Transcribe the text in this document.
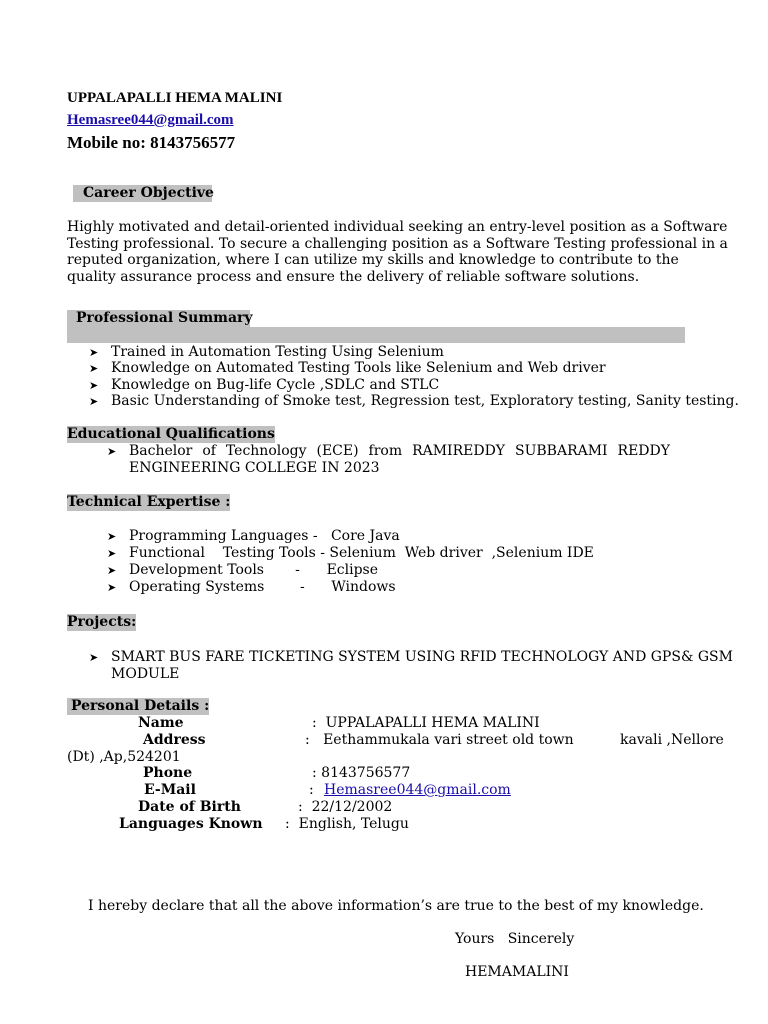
UPPALAPALLI HEMA MALINI
Hemasree044@gmail.com
Mobile no: 8143756577
Career Objective
Highly motivated and detail-oriented individual seeking an entry-level position as a Software Testing professional. To secure a challenging position as a Software Testing professional in a reputed organization, where I can utilize my skills and knowledge to contribute to the quality assurance process and ensure the delivery of reliable software solutions.
Professional Summary
➤ Trained in Automation Testing Using Selenium
➤ Knowledge on Automated Testing Tools like Selenium and Web driver
➤ Knowledge on Bug-life Cycle ,SDLC and STLC
➤ Basic Understanding of Smoke test, Regression test, Exploratory testing, Sanity testing.
Educational Qualifications
➤ Bachelor of Technology (ECE) from RAMIREDDY SUBBARAMI REDDY
ENGINEERING COLLEGE IN 2023
Technical Expertise :
➤ Programming Languages -   Core Java
➤ Functional    Testing Tools - Selenium  Web driver  ,Selenium IDE
➤ Development Tools       -      Eclipse
➤ Operating Systems        -      Windows
Projects:
➤ SMART BUS FARE TICKETING SYSTEM USING RFID TECHNOLOGY AND GPS& GSM
MODULE
Personal Details :
Name	:  UPPALAPALLI HEMA MALINI
Address	:   Eethammukala vari street old town	kavali ,Nellore
(Dt) ,Ap,524201
Phone	: 8143756577
E-Mail	: Hemasree044@gmail.com
Date of Birth	:  22/12/2002
Languages Known :  English, Telugu
I hereby declare that all the above information’s are true to the best of my knowledge.
Yours   Sincerely
HEMAMALINI
